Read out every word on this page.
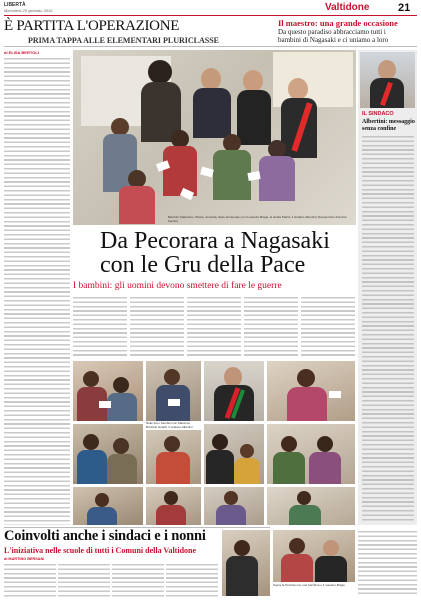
LIBERTÀ
Mercoledì 20 gennaio 2010	Valtidone	21
È PARTITA L'OPERAZIONE
PRIMA TAPPA ALLE ELEMENTARI PLURICLASSE
Il maestro: una grande occasione
Da questo paradiso abbracciamo tutti i
bambini di Nagasaki e ci uniamo a loro
di ELISA BERTOLI
Bambini (Valentina, Vittorio, Amanda, Sara, Emanuele con il maestro Braga, la Isolda Pattini, il sindaco Albertini) (Fotoservizio Franzini-Ferrari)
IL SINDACO
Albertini: messaggio
senza confine
Da Pecorara a Nagasaki
con le Gru della Pace
I bambini: gli uomini devono smettere di fare le guerre
Nelle foto i bambini con Massimo Bonfanti Isoardi, il sindaco Albertini
Coinvolti anche i sindaci e i nonni
L'iniziativa nelle scuole di tutti i Comuni della Valtidone
di MARTINO BERSANI
Sopra la Pezzola con una bambina e il maestro Braga
